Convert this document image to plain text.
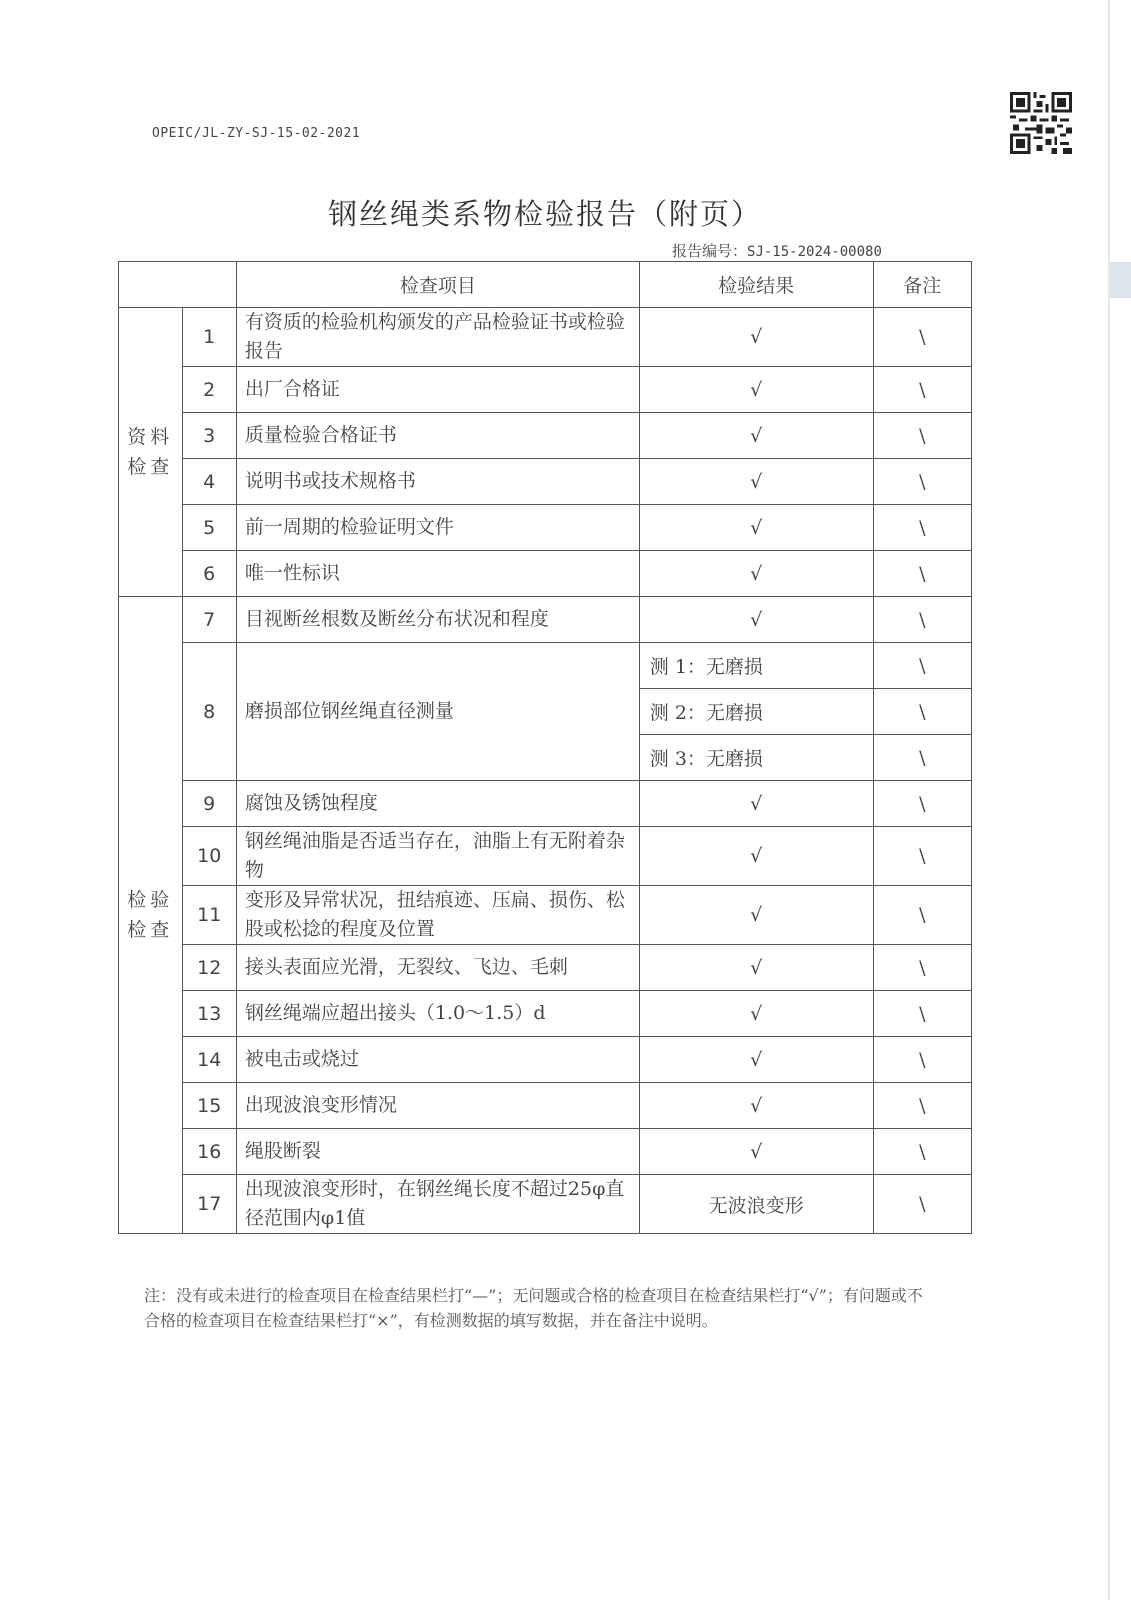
OPEIC/JL-ZY-SJ-15-02-2021
钢丝绳类系物检验报告（附页）
报告编号：SJ-15-2024-00080
		检查项目	检验结果	备注

资料检查	1	有资质的检验机构颁发的产品检验证书或检验报告	√	\
	2	出厂合格证	√	\
	3	质量检验合格证书	√	\
	4	说明书或技术规格书	√	\
	5	前一周期的检验证明文件	√	\
	6	唯一性标识	√	\

检验检查	7	目视断丝根数及断丝分布状况和程度	√	\
	8	磨损部位钢丝绳直径测量	测 1：无磨损	\
			测 2：无磨损	\
			测 3：无磨损	\
	9	腐蚀及锈蚀程度	√	\
	10	钢丝绳油脂是否适当存在，油脂上有无附着杂物	√	\
	11	变形及异常状况，扭结痕迹、压扁、损伤、松股或松捻的程度及位置	√	\
	12	接头表面应光滑，无裂纹、飞边、毛刺	√	\
	13	钢丝绳端应超出接头（1.0～1.5）d	√	\
	14	被电击或烧过	√	\
	15	出现波浪变形情况	√	\
	16	绳股断裂	√	\
	17	出现波浪变形时，在钢丝绳长度不超过25φ直径范围内φ1值	无波浪变形	\
注：没有或未进行的检查项目在检查结果栏打“—”；无问题或合格的检查项目在检查结果栏打“√”；有问题或不合格的检查项目在检查结果栏打“×”，有检测数据的填写数据，并在备注中说明。
